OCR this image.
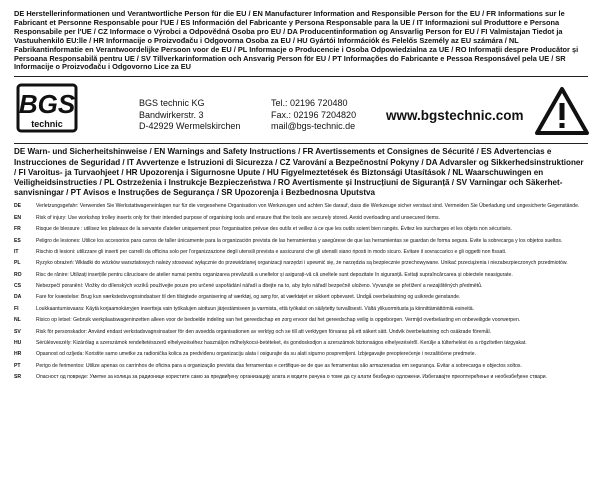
DE Herstellerinformationen und Verantwortliche Person für die EU / EN Manufacturer Information and Responsible Person for the EU / FR Informations sur le Fabricant et Personne Responsable pour l'UE / ES Información del Fabricante y Persona Responsable para la UE / IT Informazioni sul Produttore e Persona Responsabile per l'UE / CZ Informace o Výrobci a Odpovědná Osoba pro EU / DA Producentinformation og Ansvarlig Person for EU / FI Valmistajan Tiedot ja Vastuuhenkilö EU:lle / HR Informacije o Proizvođaču i Odgovorna Osoba za EU / HU Gyártói Információk és Felelős Személy az EU számára / NL Fabrikantinformatie en Verantwoordelijke Persoon voor de EU / PL Informacje o Producencie i Osoba Odpowiedzialna za UE / RO Informații despre Producător și Persoana Responsabilă pentru UE / SV Tillverkarinformation och Ansvarig Person för EU / PT Informações do Fabricante e Pessoa Responsável pela UE / SR Informacije o Proizvođaču i Odgovorno Lice za EU
BGS
technic
BGS technic KG
Bandwirkerstr. 3
D-42929 Wermelskirchen
Tel.: 02196 720480
Fax.: 02196 7204820
mail@bgs-technic.de
www.bgstechnic.com
DE Warn- und Sicherheitshinweise / EN Warnings and Safety Instructions / FR Avertissements et Consignes de Sécurité / ES Advertencias e Instrucciones de Seguridad / IT Avvertenze e Istruzioni di Sicurezza / CZ Varování a Bezpečnostní Pokyny / DA Advarsler og Sikkerhedsinstruktioner / FI Varoitus- ja Turvaohjeet / HR Upozorenja i Sigurnosne Upute / HU Figyelmeztetések és Biztonsági Utasítások / NL Waarschuwingen en Veiligheidsinstructies / PL Ostrzeżenia i Instrukcje Bezpieczeństwa / RO Avertismente și Instrucțiuni de Siguranță / SV Varningar och Säkerhet-sanvisningar / PT Avisos e Instruções de Segurança / SR Upozorenja i Bezbednosna Uputstva
DE	Verletzungsgefahr: Verwenden Sie Werkstattwageneinlagen nur für die vorgesehene Organisation von Werkzeugen und achten Sie darauf, dass die Werkzeuge sicher verstaut sind. Vermeiden Sie Überladung und ungesicherte Gegenstände.
EN	Risk of injury: Use workshop trolley inserts only for their intended purpose of organising tools and ensure that the tools are securely stored. Avoid overloading and unsecured items.
FR	Risque de blessure : utilisez les plateaux de la servante d'atelier uniquement pour l'organisation prévue des outils et veillez à ce que les outils soient bien rangés. Évitez les surcharges et les objets non sécurisés.
ES	Peligro de lesiones: Utilice los accesorios para carros de taller únicamente para la organización prevista de las herramientas y asegúrese de que las herramientas se guardan de forma segura. Evite la sobrecarga y los objetos sueltos.
IT	Rischio di lesioni: utilizzare gli inserti per carrelli da officina solo per l'organizzazione degli utensili prevista e assicurarsi che gli utensili siano riposti in modo sicuro. Evitare il sovraccarico e gli oggetti non fissati.
PL	Ryzyko obrażeń: Wkładki do wózków warsztatowych należy stosować wyłącznie do przewidzianej organizacji narzędzi i upewnić się, że narzędzia są bezpiecznie przechowywane. Unikać przeciążenia i niezabezpieczonych przedmiotów.
RO	Risc de rănire: Utilizați inserțiile pentru cărucioare de atelier numai pentru organizarea prevăzută a uneltelor și asigurați-vă că uneltele sunt depozitate în siguranță. Evitați supraîncărcarea și obiectele neasigurate.
CS	Nebezpečí poranění: Vložky do dílenských vozíků používejte pouze pro určené uspořádání nářadí a dbejte na to, aby bylo nářadí bezpečně uloženo. Vyvarujte se přetížení a nezajištěných předmětů.
DA	Fare for kvæstelse: Brug kun værkstedsvognsindsatser til den tilsigtede organisering af værktøj, og sørg for, at værktøjet er sikkert opbevaret. Undgå overbelastning og usikrede genstande.
FI	Loukkaantumisvaara: Käytä korjaamokärryjen insertteja vain työkalujen aiottuun järjestämiseen ja varmista, että työkalut on säilytetty turvallisesti. Vältä ylikuormitusta ja kiinnittämättömiä esineitä.
NL	Risico op letsel: Gebruik werkplaatswageninzetten alleen voor de bedoelde indeling van het gereedschap en zorg ervoor dat het gereedschap veilig is opgeborgen. Vermijd overbelasting en onbeveiligde voorwerpen.
SV	Risk för personskador: Använd endast verkstadsvagnsinsatser för den avsedda organisationen av verktyg och se till att verktygen förvaras på ett säkert sätt. Undvik överbelastning och osäkrade föremål.
HU	Sérülésveszély: Kizárólag a szerszámok rendeltetésszerű elhelyezéséhez használjon műhelykocsi-betéteket, és gondoskodjon a szerszámok biztonságos elhelyezéséről. Kerülje a túlterhelést és a rögzítetlen tárgyakat.
HR	Opasnost od ozljeda: Koristite samo umetke za radionička kolica za predviđenu organizaciju alata i osigurajte da su alati sigurno pospremljeni. Izbjegavajte preopterećenje i nezaštićene predmete.
PT	Perigo de ferimentos: Utilize apenas os carrinhos de oficina para a organização prevista das ferramentas e certifique-se de que as ferramentas são armazenadas em segurança. Evitar a sobrecarga e objectos soltos.
SR	Опасност од повреде: Уметке за колица за радионице користите само за предвиђену организацију алата и водите рачуна о томе да су алати безбедно одложени. Избегавајте преоптерећење и необезбеђене ствари.
